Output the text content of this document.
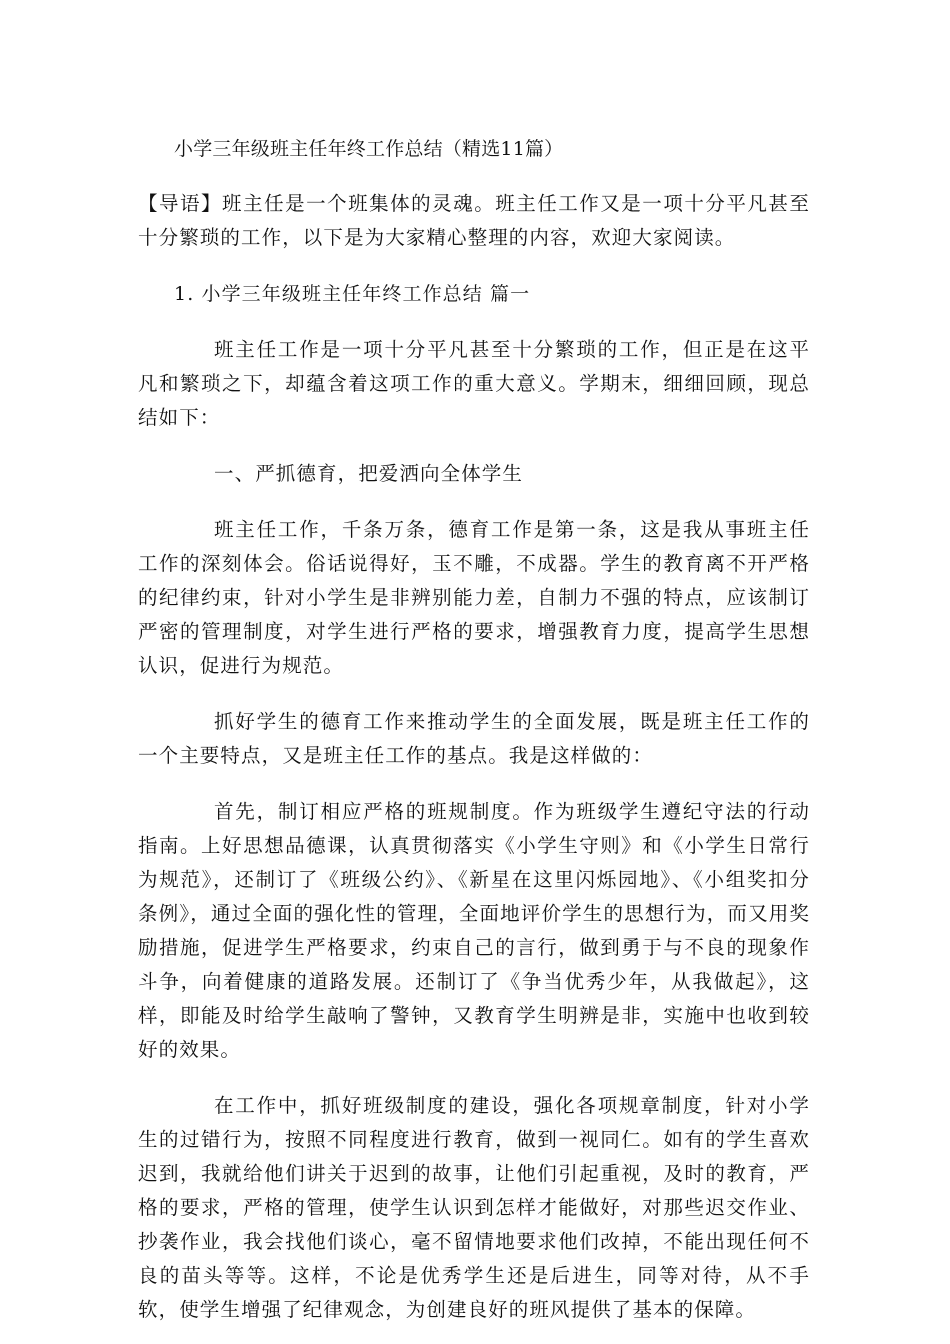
小学三年级班主任年终工作总结（精选11篇）

【导语】班主任是一个班集体的灵魂。班主任工作又是一项十分平凡甚至十分繁琐的工作，以下是为大家精心整理的内容，欢迎大家阅读。

1. 小学三年级班主任年终工作总结 篇一

班主任工作是一项十分平凡甚至十分繁琐的工作，但正是在这平凡和繁琐之下，却蕴含着这项工作的重大意义。学期末，细细回顾，现总结如下：

一、严抓德育，把爱洒向全体学生

班主任工作，千条万条，德育工作是第一条，这是我从事班主任工作的深刻体会。俗话说得好，玉不雕，不成器。学生的教育离不开严格的纪律约束，针对小学生是非辨别能力差，自制力不强的特点，应该制订严密的管理制度，对学生进行严格的要求，增强教育力度，提高学生思想认识，促进行为规范。

抓好学生的德育工作来推动学生的全面发展，既是班主任工作的一个主要特点，又是班主任工作的基点。我是这样做的：

首先，制订相应严格的班规制度。作为班级学生遵纪守法的行动指南。上好思想品德课，认真贯彻落实《小学生守则》和《小学生日常行为规范》，还制订了《班级公约》、《新星在这里闪烁园地》、《小组奖扣分条例》，通过全面的强化性的管理，全面地评价学生的思想行为，而又用奖励措施，促进学生严格要求，约束自己的言行，做到勇于与不良的现象作斗争，向着健康的道路发展。还制订了《争当优秀少年，从我做起》，这样，即能及时给学生敲响了警钟，又教育学生明辨是非，实施中也收到较好的效果。

在工作中，抓好班级制度的建设，强化各项规章制度，针对小学生的过错行为，按照不同程度进行教育，做到一视同仁。如有的学生喜欢迟到，我就给他们讲关于迟到的故事，让他们引起重视，及时的教育，严格的要求，严格的管理，使学生认识到怎样才能做好，对那些迟交作业、抄袭作业，我会找他们谈心，毫不留情地要求他们改掉，不能出现任何不良的苗头等等。这样，不论是优秀学生还是后进生，同等对待，从不手软，使学生增强了纪律观念，为创建良好的班风提供了基本的保障。
